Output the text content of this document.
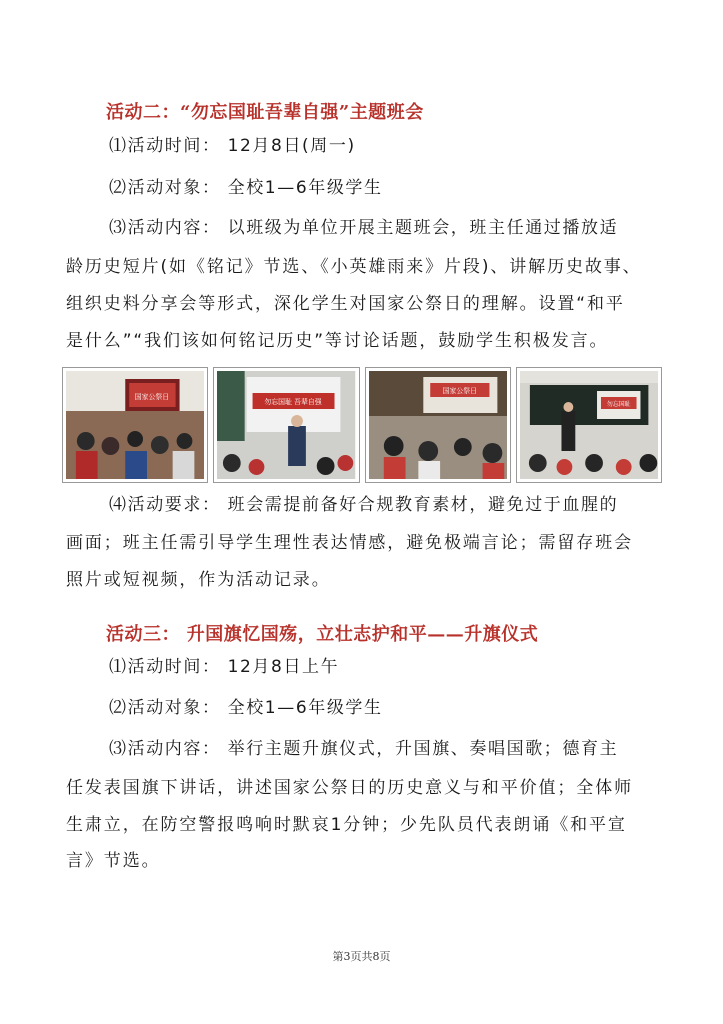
活动二：“勿忘国耻吾辈自强”主题班会
⑴活动时间： 12月8日(周一)
⑵活动对象： 全校1—6年级学生
⑶活动内容： 以班级为单位开展主题班会，班主任通过播放适
龄历史短片(如《铭记》节选、《小英雄雨来》片段)、讲解历史故事、
组织史料分享会等形式，深化学生对国家公祭日的理解。设置“和平
是什么”“我们该如何铭记历史”等讨论话题，鼓励学生积极发言。
国家公祭日
勿忘国耻 吾辈自强
国家公祭日
勿忘国耻
⑷活动要求： 班会需提前备好合规教育素材，避免过于血腥的
画面；班主任需引导学生理性表达情感，避免极端言论；需留存班会
照片或短视频，作为活动记录。
活动三： 升国旗忆国殇，立壮志护和平——升旗仪式
⑴活动时间： 12月8日上午
⑵活动对象： 全校1—6年级学生
⑶活动内容： 举行主题升旗仪式，升国旗、奏唱国歌；德育主
任发表国旗下讲话，讲述国家公祭日的历史意义与和平价值；全体师
生肃立，在防空警报鸣响时默哀1分钟；少先队员代表朗诵《和平宣
言》节选。
第3页共8页
